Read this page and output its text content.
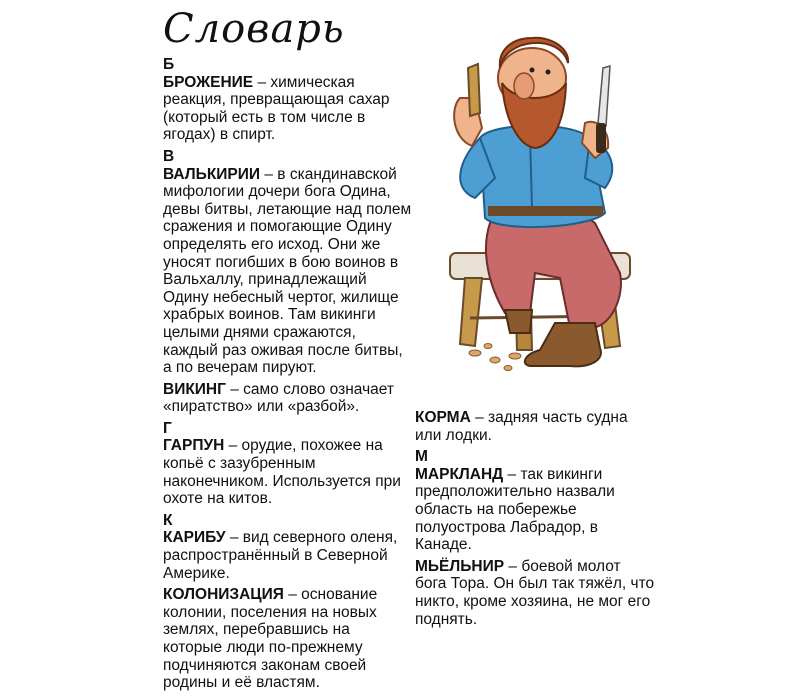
Словарь
Б
БРОЖЕНИЕ – химическая реакция, превращающая сахар (который есть в том числе в ягодах) в спирт.
В
ВАЛЬКИРИИ – в скандинавской мифологии дочери бога Одина, девы битвы, летающие над полем сражения и помогающие Одину определять его исход. Они же уносят погибших в бою воинов в Вальхаллу, принадлежащий Одину небесный чертог, жилище храбрых воинов. Там викинги целыми днями сражаются, каждый раз оживая после битвы, а по вечерам пируют.
ВИКИНГ – само слово означает «пиратство» или «разбой».
Г
ГАРПУН – орудие, похожее на копьё с зазубренным наконечником. Используется при охоте на китов.
К
КАРИБУ – вид северного оленя, распространённый в Северной Америке.
КОЛОНИЗАЦИЯ – основание колонии, поселения на новых землях, перебравшись на которые люди по-прежнему подчиняются законам своей родины и её властям.
КОРМА – задняя часть судна или лодки.
М
МАРКЛАНД – так викинги предположительно назвали область на побережье полуострова Лабрадор, в Канаде.
МЬЁЛЬНИР – боевой молот бога Тора. Он был так тяжёл, что никто, кроме хозяина, не мог его поднять.
